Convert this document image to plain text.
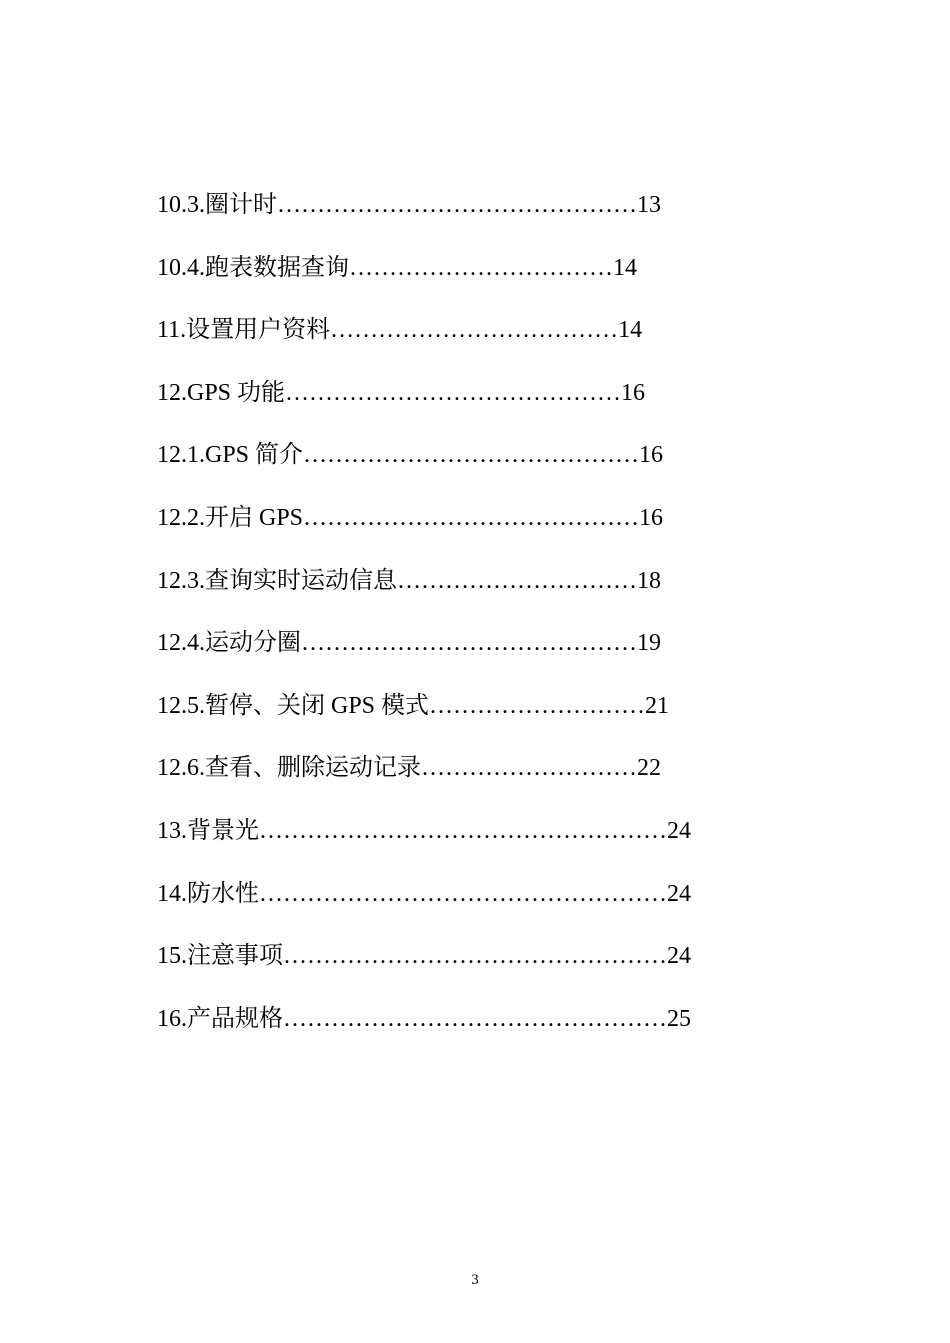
10.3.圈计时………………………………………13
10.4.跑表数据查询……………………………14
11.设置用户资料………………………………14
12.GPS 功能……………………………………16
12.1.GPS 简介……………………………………16
12.2.开启 GPS……………………………………16
12.3.查询实时运动信息…………………………18
12.4.运动分圈……………………………………19
12.5.暂停、关闭 GPS 模式………………………21
12.6.查看、删除运动记录………………………22
13.背景光……………………………………………24
14.防水性……………………………………………24
15.注意事项…………………………………………24
16.产品规格…………………………………………25
3
